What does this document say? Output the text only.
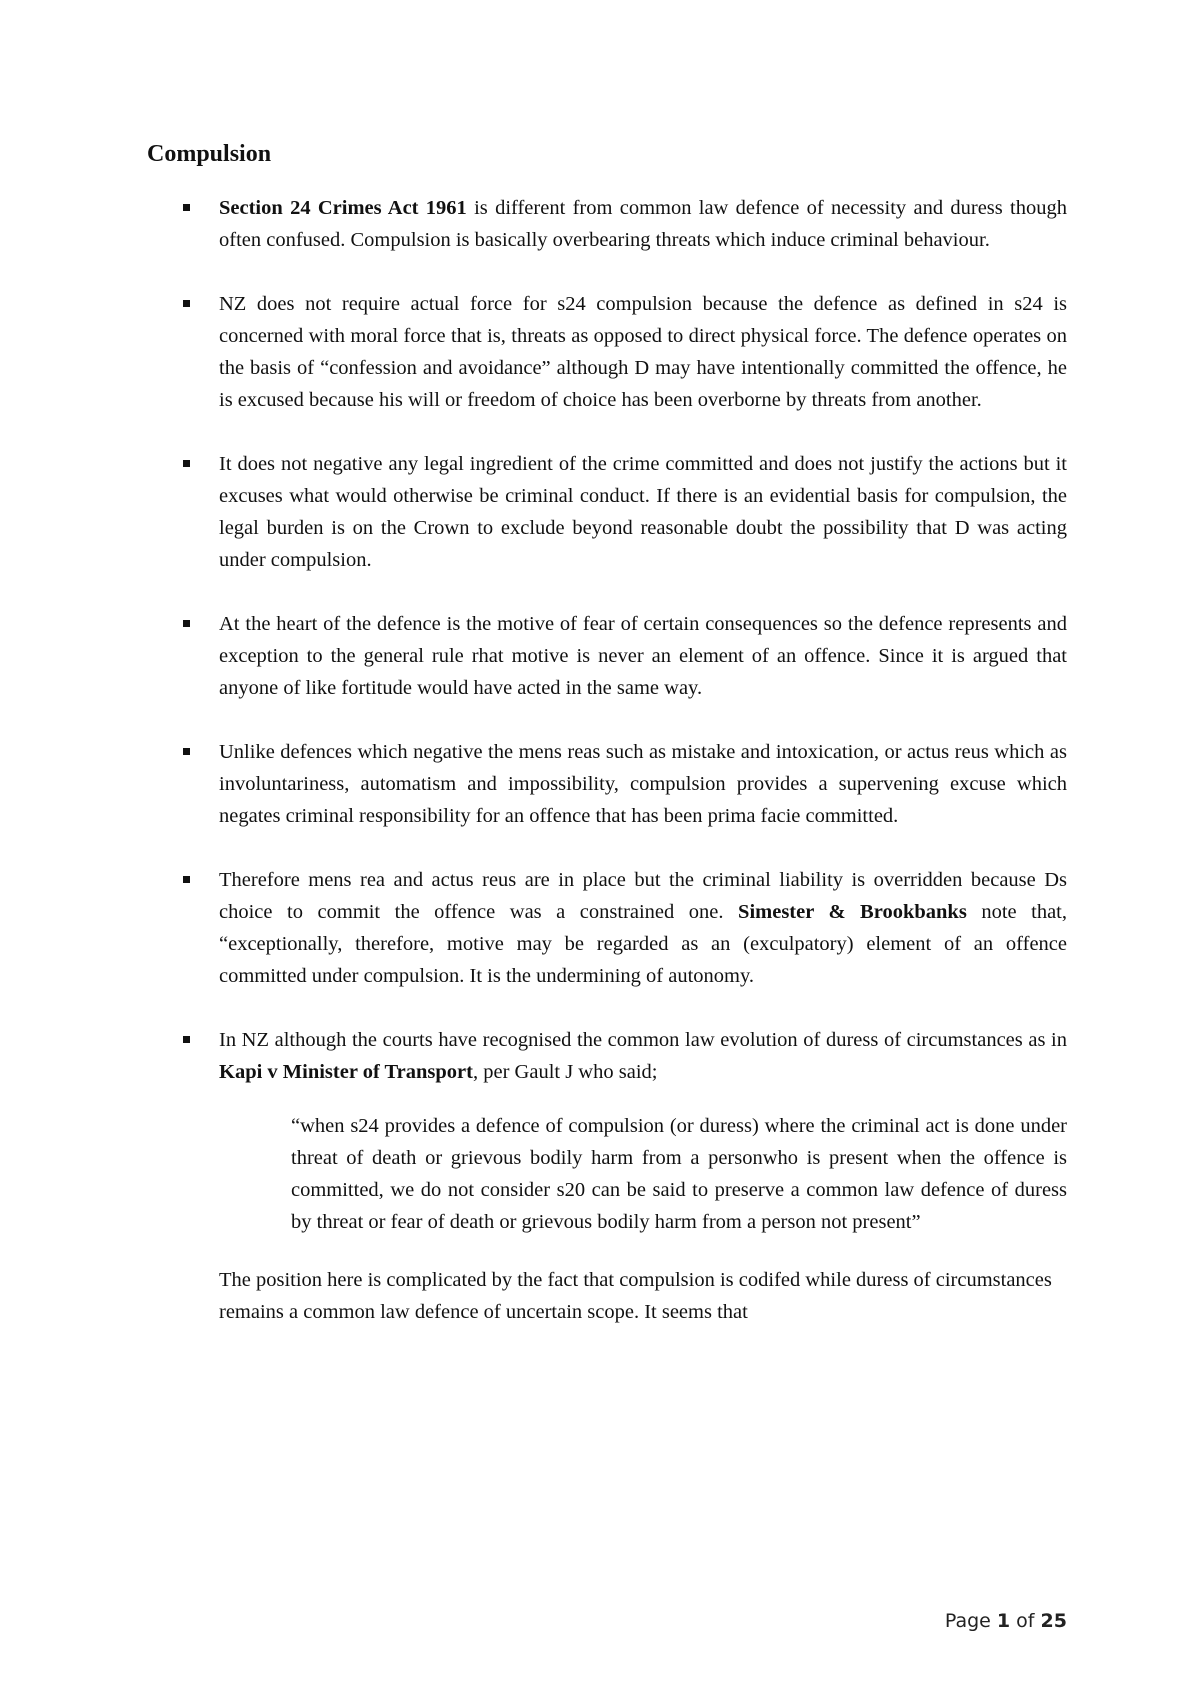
Compulsion
Section 24 Crimes Act 1961 is different from common law defence of necessity and duress though often confused. Compulsion is basically overbearing threats which induce criminal behaviour.
NZ does not require actual force for s24 compulsion because the defence as defined in s24 is concerned with moral force that is, threats as opposed to direct physical force. The defence operates on the basis of “confession and avoidance” although D may have intentionally committed the offence, he is excused because his will or freedom of choice has been overborne by threats from another.
It does not negative any legal ingredient of the crime committed and does not justify the actions but it excuses what would otherwise be criminal conduct. If there is an evidential basis for compulsion, the legal burden is on the Crown to exclude beyond reasonable doubt the possibility that D was acting under compulsion.
At the heart of the defence is the motive of fear of certain consequences so the defence represents and exception to the general rule rhat motive is never an element of an offence. Since it is argued that anyone of like fortitude would have acted in the same way.
Unlike defences which negative the mens reas such as mistake and intoxication, or actus reus which as involuntariness, automatism and impossibility, compulsion provides a supervening excuse which negates criminal responsibility for an offence that has been prima facie committed.
Therefore mens rea and actus reus are in place but the criminal liability is overridden because Ds choice to commit the offence was a constrained one. Simester & Brookbanks note that, “exceptionally, therefore, motive may be regarded as an (exculpatory) element of an offence committed under compulsion. It is the undermining of autonomy.
In NZ although the courts have recognised the common law evolution of duress of circumstances as in Kapi v Minister of Transport, per Gault J who said;
“when s24 provides a defence of compulsion (or duress) where the criminal act is done under threat of death or grievous bodily harm from a personwho is present when the offence is committed, we do not consider s20 can be said to preserve a common law defence of duress by threat or fear of death or grievous bodily harm from a person not present”
The position here is complicated by the fact that compulsion is codifed while duress of circumstances remains a common law defence of uncertain scope. It seems that
Page 1 of 25
